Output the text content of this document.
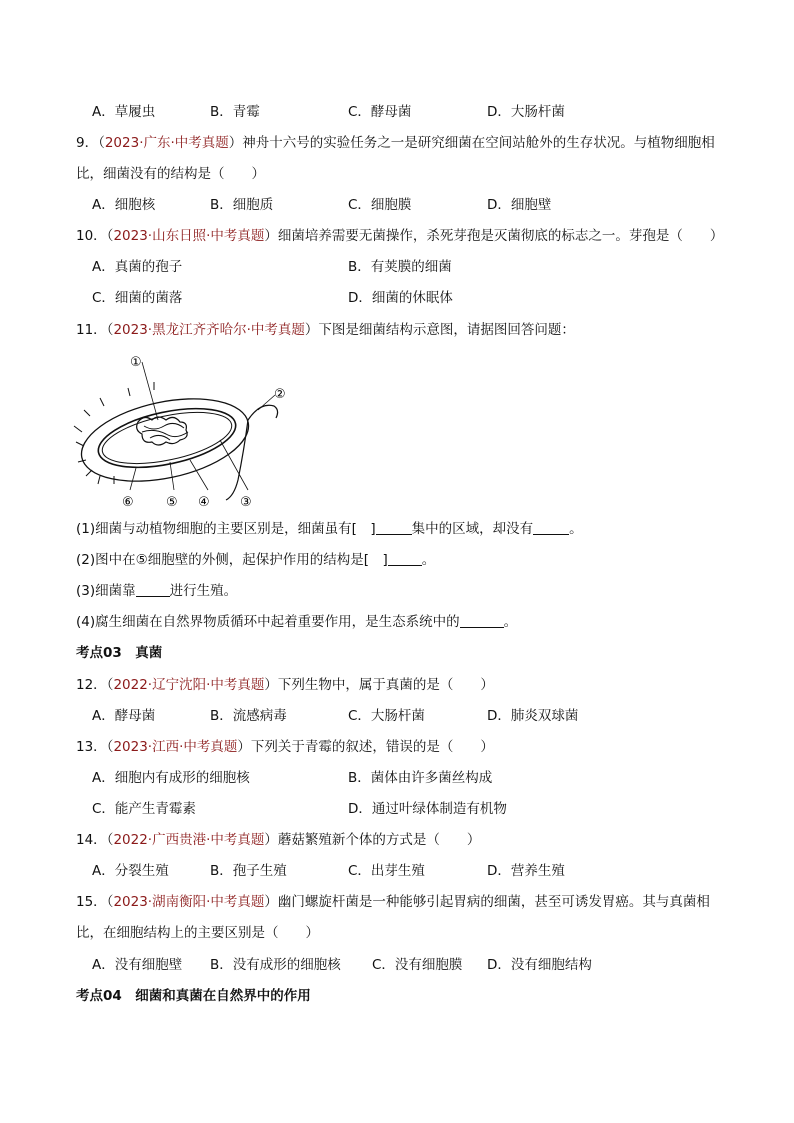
A．草履虫	B．青霉	C．酵母菌	D．大肠杆菌
9．（2023·广东·中考真题）神舟十六号的实验任务之一是研究细菌在空间站舱外的生存状况。与植物细胞相
比，细菌没有的结构是（　　）
A．细胞核	B．细胞质	C．细胞膜	D．细胞壁
10．（2023·山东日照·中考真题）细菌培养需要无菌操作，杀死芽孢是灭菌彻底的标志之一。芽孢是（　　）
A．真菌的孢子	B．有荚膜的细菌
C．细菌的菌落	D．细菌的休眠体
11．（2023·黑龙江齐齐哈尔·中考真题）下图是细菌结构示意图，请据图回答问题：
①
②
③
④
⑤
⑥
(1)细菌与动植物细胞的主要区别是，细菌虽有[　]	集中的区域，却没有	。
(2)图中在⑤细胞壁的外侧，起保护作用的结构是[　]	。
(3)细菌靠	进行生殖。
(4)腐生细菌在自然界物质循环中起着重要作用，是生态系统中的	。
考点03　真菌
12．（2022·辽宁沈阳·中考真题）下列生物中，属于真菌的是（　　）
A．酵母菌	B．流感病毒	C．大肠杆菌	D．肺炎双球菌
13．（2023·江西·中考真题）下列关于青霉的叙述，错误的是（　　）
A．细胞内有成形的细胞核	B．菌体由许多菌丝构成
C．能产生青霉素	D．通过叶绿体制造有机物
14．（2022·广西贵港·中考真题）蘑菇繁殖新个体的方式是（　　）
A．分裂生殖	B．孢子生殖	C．出芽生殖	D．营养生殖
15．（2023·湖南衡阳·中考真题）幽门螺旋杆菌是一种能够引起胃病的细菌，甚至可诱发胃癌。其与真菌相
比，在细胞结构上的主要区别是（　　）
A．没有细胞壁 B．没有成形的细胞核 C．没有细胞膜 D．没有细胞结构
考点04　细菌和真菌在自然界中的作用
